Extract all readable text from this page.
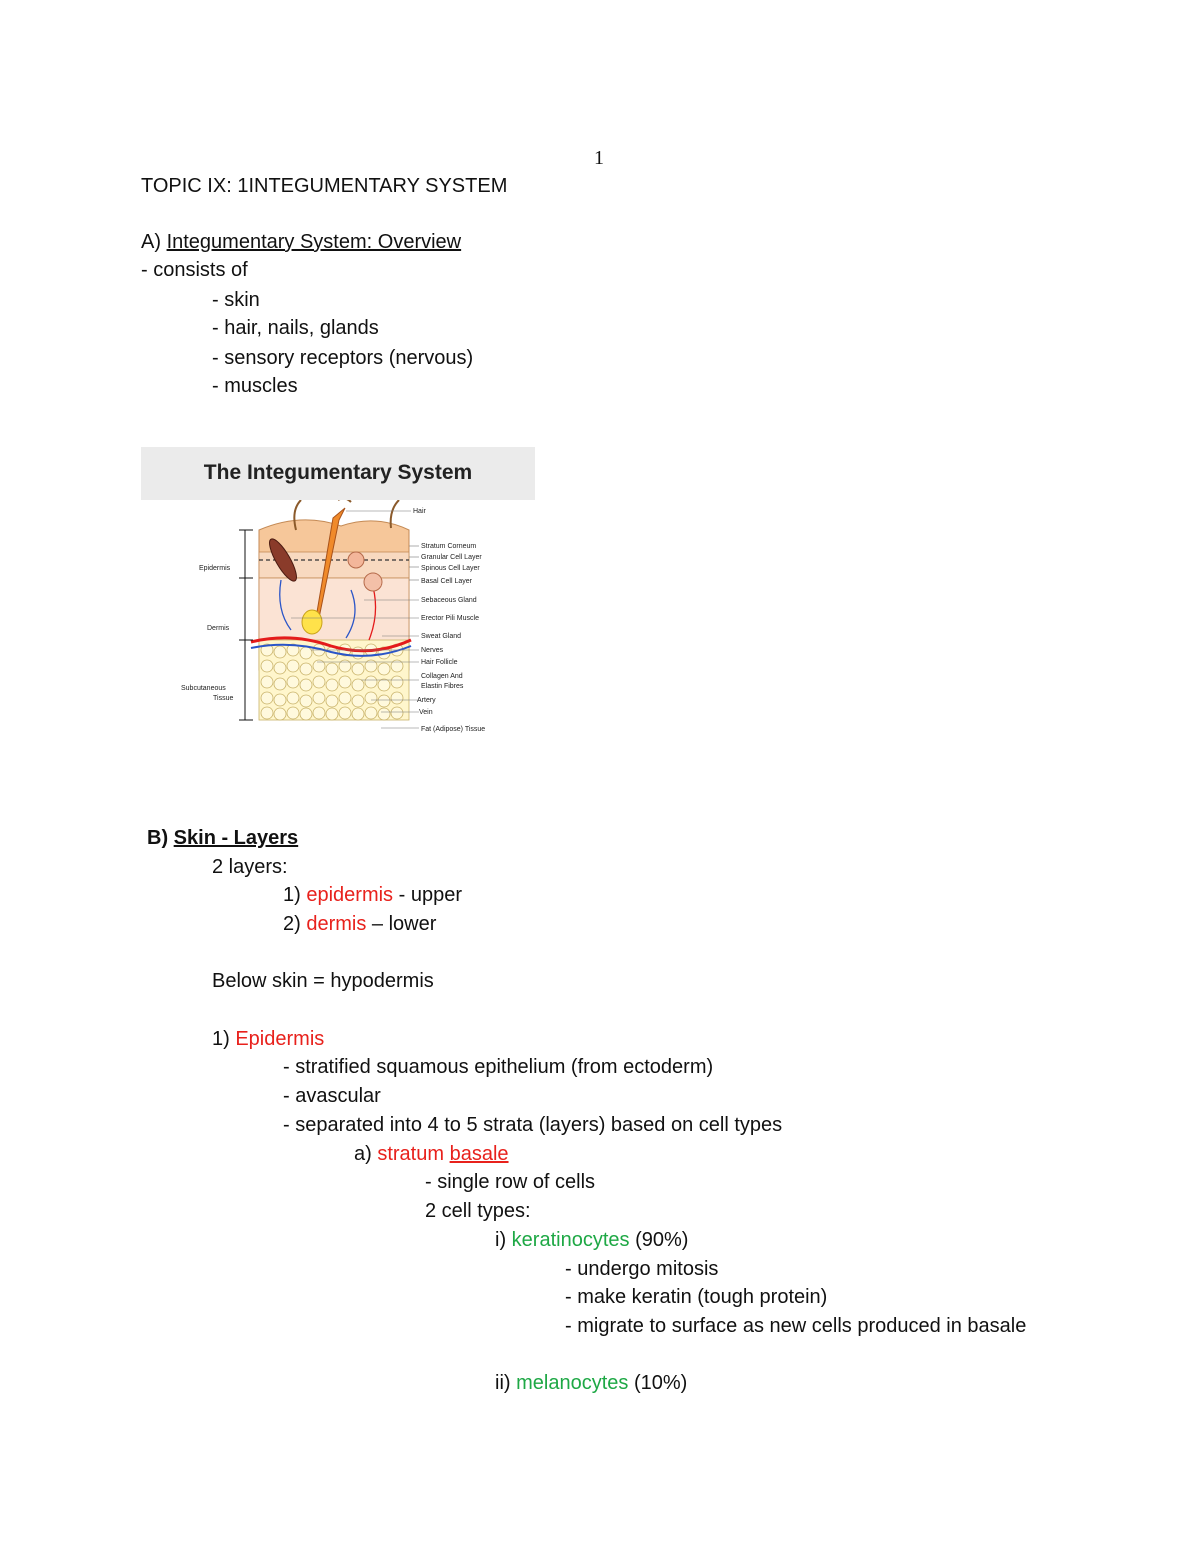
1
TOPIC IX: 1INTEGUMENTARY SYSTEM
A) Integumentary System: Overview
- consists of
- skin
- hair, nails, glands
- sensory receptors (nervous)
- muscles
The Integumentary System
Epidermis
Dermis
Subcutaneous
Tissue
Hair
Stratum Corneum
Granular Cell Layer
Spinous Cell Layer
Basal Cell Layer
Sebaceous Gland
Erector Pili Muscle
Sweat Gland
Nerves
Hair Follicle
Collagen And
Elastin Fibres
Artery
Vein
Fat (Adipose) Tissue
B) Skin - Layers
2 layers:
1) epidermis - upper
2) dermis – lower
Below skin = hypodermis
1) Epidermis
- stratified squamous epithelium (from ectoderm)
- avascular
- separated into 4 to 5 strata (layers) based on cell types
a) stratum basale
- single row of cells
2 cell types:
i) keratinocytes (90%)
- undergo mitosis
- make keratin (tough protein)
- migrate to surface as new cells produced in basale
ii) melanocytes (10%)
